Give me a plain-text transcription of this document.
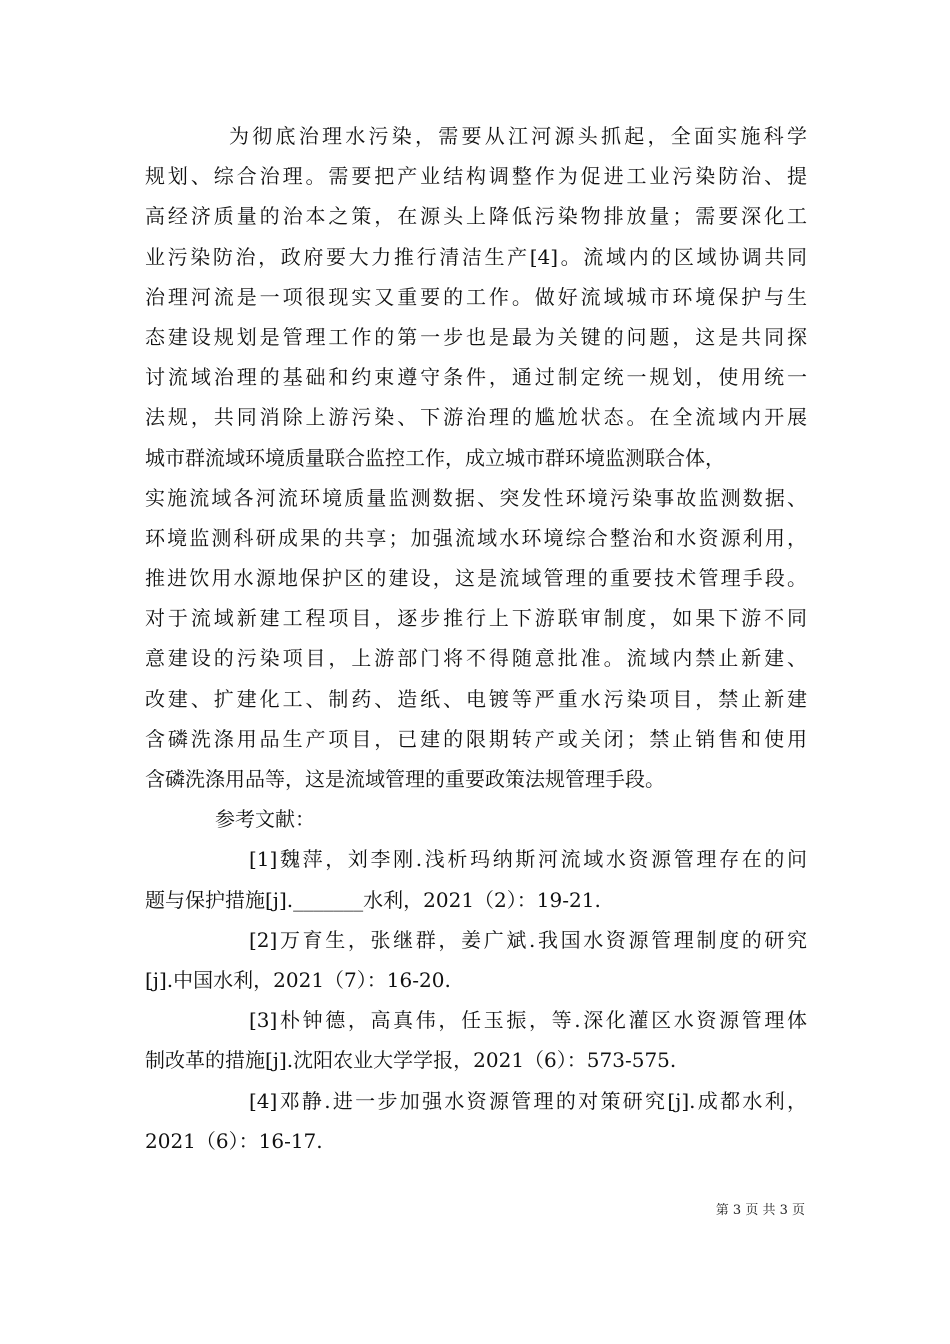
为彻底治理水污染，需要从江河源头抓起，全面实施科学
规划、综合治理。需要把产业结构调整作为促进工业污染防治、提
高经济质量的治本之策，在源头上降低污染物排放量；需要深化工
业污染防治，政府要大力推行清洁生产[4]。流域内的区域协调共同
治理河流是一项很现实又重要的工作。做好流域城市环境保护与生
态建设规划是管理工作的第一步也是最为关键的问题，这是共同探
讨流域治理的基础和约束遵守条件，通过制定统一规划，使用统一
法规，共同消除上游污染、下游治理的尴尬状态。在全流域内开展
城市群流域环境质量联合监控工作，成立城市群环境监测联合体，
实施流域各河流环境质量监测数据、突发性环境污染事故监测数据、
环境监测科研成果的共享；加强流域水环境综合整治和水资源利用，
推进饮用水源地保护区的建设，这是流域管理的重要技术管理手段。
对于流域新建工程项目，逐步推行上下游联审制度，如果下游不同
意建设的污染项目，上游部门将不得随意批准。流域内禁止新建、
改建、扩建化工、制药、造纸、电镀等严重水污染项目，禁止新建
含磷洗涤用品生产项目，已建的限期转产或关闭；禁止销售和使用
含磷洗涤用品等，这是流域管理的重要政策法规管理手段。
参考文献：
[1]魏萍，刘李刚.浅析玛纳斯河流域水资源管理存在的问
题与保护措施[j]._______水利，2021（2）：19-21.
[2]万育生，张继群，姜广斌.我国水资源管理制度的研究
[j].中国水利，2021（7）：16-20.
[3]朴钟德，高真伟，任玉振，等.深化灌区水资源管理体
制改革的措施[j].沈阳农业大学学报，2021（6）：573-575.
[4]邓静.进一步加强水资源管理的对策研究[j].成都水利，
2021（6）：16-17.
第 3 页 共 3 页
